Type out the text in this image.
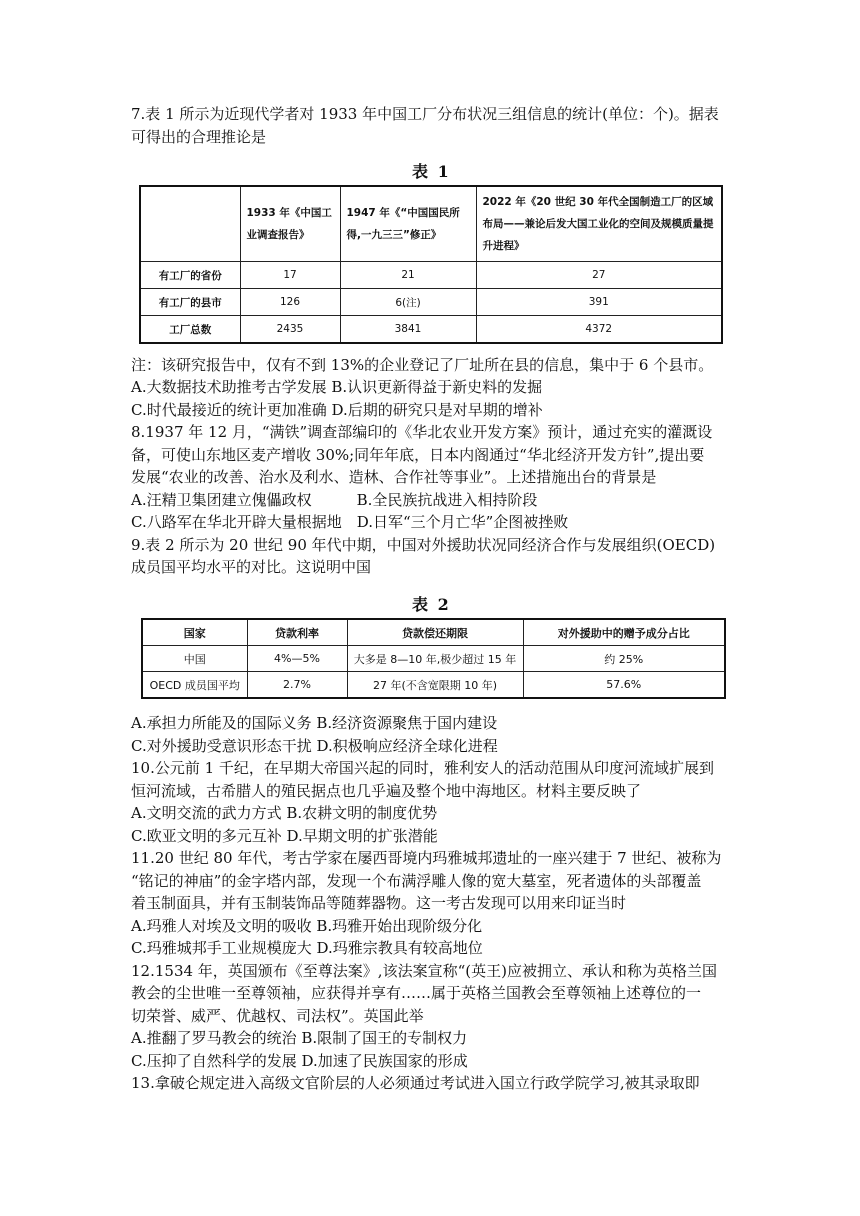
7.表 1 所示为近现代学者对 1933 年中国工厂分布状况三组信息的统计(单位：个)。据表
可得出的合理推论是
表 1
	1933 年《中国工业调查报告》	1947 年《“中国国民所得,一九三三”修正》	2022 年《20 世纪 30 年代全国制造工厂的区域布局——兼论后发大国工业化的空间及规模质量提升进程》
有工厂的省份	17	21	27
有工厂的县市	126	6(注)	391
工厂总数	2435	3841	4372
注：该研究报告中，仅有不到 13%的企业登记了厂址所在县的信息，集中于 6 个县市。
A.大数据技术助推考古学发展 B.认识更新得益于新史料的发掘
C.时代最接近的统计更加准确 D.后期的研究只是对早期的增补
8.1937 年 12 月，“满铁”调查部编印的《华北农业开发方案》预计，通过充实的灌溉设
备，可使山东地区麦产增收 30%;同年年底，日本内阁通过“华北经济开发方针”,提出要
发展“农业的改善、治水及利水、造林、合作社等事业”。上述措施出台的背景是
A.汪精卫集团建立傀儡政权　　　B.全民族抗战进入相持阶段
C.八路军在华北开辟大量根据地　D.日军“三个月亡华”企图被挫败
9.表 2 所示为 20 世纪 90 年代中期，中国对外援助状况同经济合作与发展组织(OECD)
成员国平均水平的对比。这说明中国
表 2
国家	贷款利率	贷款偿还期限	对外援助中的赠予成分占比
中国	4%—5%	大多是 8—10 年,极少超过 15 年	约 25%
OECD 成员国平均	2.7%	27 年(不含宽限期 10 年)	57.6%
A.承担力所能及的国际义务 B.经济资源聚焦于国内建设
C.对外援助受意识形态干扰 D.积极响应经济全球化进程
10.公元前 1 千纪，在早期大帝国兴起的同时，雅利安人的活动范围从印度河流域扩展到
恒河流域，古希腊人的殖民据点也几乎遍及整个地中海地区。材料主要反映了
A.文明交流的武力方式 B.农耕文明的制度优势
C.欧亚文明的多元互补 D.早期文明的扩张潜能
11.20 世纪 80 年代，考古学家在屡西哥境内玛雅城邦遗址的一座兴建于 7 世纪、被称为
“铭记的神庙”的金字塔内部，发现一个布满浮雕人像的宽大墓室，死者遗体的头部覆盖
着玉制面具，并有玉制装饰品等随葬器物。这一考古发现可以用来印证当时
A.玛雅人对埃及文明的吸收 B.玛雅开始出现阶级分化
C.玛雅城邦手工业规模庞大 D.玛雅宗教具有较高地位
12.1534 年，英国颁布《至尊法案》,该法案宣称“(英王)应被拥立、承认和称为英格兰国
教会的尘世唯一至尊领袖，应获得并享有……属于英格兰国教会至尊领袖上述尊位的一
切荣誉、威严、优越权、司法权”。英国此举
A.推翻了罗马教会的统治 B.限制了国王的专制权力
C.压抑了自然科学的发展 D.加速了民族国家的形成
13.拿破仑规定进入高级文官阶层的人必须通过考试进入国立行政学院学习,被其录取即
